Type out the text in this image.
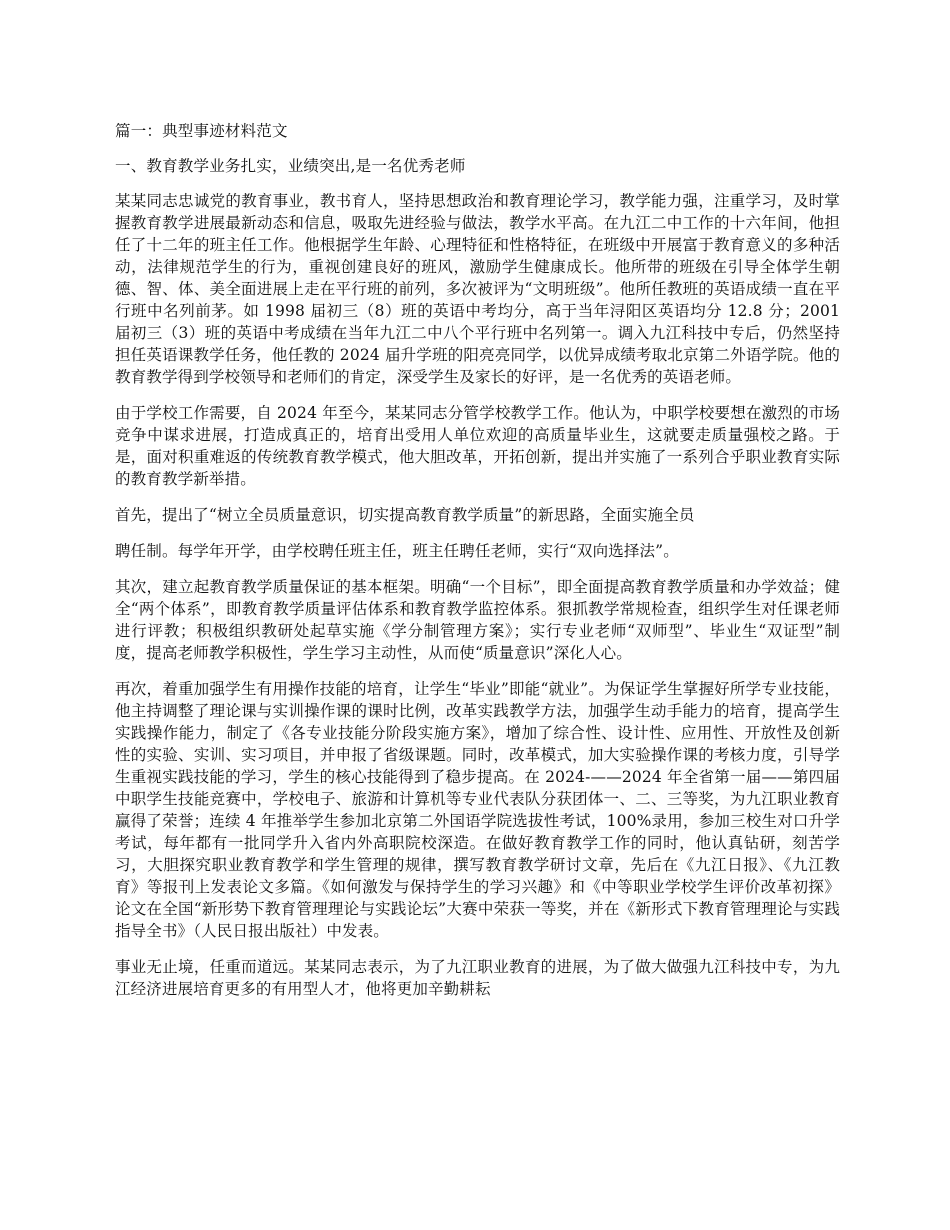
篇一：典型事迹材料范文

一、教育教学业务扎实，业绩突出,是一名优秀老师

某某同志忠诚党的教育事业，教书育人，坚持思想政治和教育理论学习，教学能力强，注重学习，及时掌握教育教学进展最新动态和信息，吸取先进经验与做法，教学水平高。在九江二中工作的十六年间，他担任了十二年的班主任工作。他根据学生年龄、心理特征和性格特征，在班级中开展富于教育意义的多种活动，法律规范学生的行为，重视创建良好的班风，激励学生健康成长。他所带的班级在引导全体学生朝德、智、体、美全面进展上走在平行班的前列，多次被评为“文明班级”。他所任教班的英语成绩一直在平行班中名列前茅。如 1998 届初三（8）班的英语中考均分，高于当年浔阳区英语均分 12.8 分；2001 届初三（3）班的英语中考成绩在当年九江二中八个平行班中名列第一。调入九江科技中专后，仍然坚持担任英语课教学任务，他任教的 2024 届升学班的阳亮亮同学，以优异成绩考取北京第二外语学院。他的教育教学得到学校领导和老师们的肯定，深受学生及家长的好评，是一名优秀的英语老师。

由于学校工作需要，自 2024 年至今，某某同志分管学校教学工作。他认为，中职学校要想在激烈的市场竞争中谋求进展，打造成真正的，培育出受用人单位欢迎的高质量毕业生，这就要走质量强校之路。于是，面对积重难返的传统教育教学模式，他大胆改革，开拓创新，提出并实施了一系列合乎职业教育实际的教育教学新举措。

首先，提出了“树立全员质量意识，切实提高教育教学质量”的新思路，全面实施全员

聘任制。每学年开学，由学校聘任班主任，班主任聘任老师，实行“双向选择法”。

其次，建立起教育教学质量保证的基本框架。明确“一个目标”，即全面提高教育教学质量和办学效益；健全“两个体系”，即教育教学质量评估体系和教育教学监控体系。狠抓教学常规检查，组织学生对任课老师进行评教；积极组织教研处起草实施《学分制管理方案》；实行专业老师“双师型”、毕业生“双证型”制度，提高老师教学积极性，学生学习主动性，从而使“质量意识”深化人心。

再次，着重加强学生有用操作技能的培育，让学生“毕业”即能“就业”。为保证学生掌握好所学专业技能，他主持调整了理论课与实训操作课的课时比例，改革实践教学方法，加强学生动手能力的培育，提高学生实践操作能力，制定了《各专业技能分阶段实施方案》，增加了综合性、设计性、应用性、开放性及创新性的实验、实训、实习项目，并申报了省级课题。同时，改革模式，加大实验操作课的考核力度，引导学生重视实践技能的学习，学生的核心技能得到了稳步提高。在 2024-——2024 年全省第一届——第四届中职学生技能竞赛中，学校电子、旅游和计算机等专业代表队分获团体一、二、三等奖，为九江职业教育赢得了荣誉；连续 4 年推举学生参加北京第二外国语学院选拔性考试，100%录用，参加三校生对口升学考试，每年都有一批同学升入省内外高职院校深造。在做好教育教学工作的同时，他认真钻研，刻苦学习，大胆探究职业教育教学和学生管理的规律，撰写教育教学研讨文章，先后在《九江日报》、《九江教育》等报刊上发表论文多篇。《如何激发与保持学生的学习兴趣》和《中等职业学校学生评价改革初探》论文在全国“新形势下教育管理理论与实践论坛”大赛中荣获一等奖，并在《新形式下教育管理理论与实践指导全书》（人民日报出版社）中发表。

事业无止境，任重而道远。某某同志表示，为了九江职业教育的进展，为了做大做强九江科技中专，为九江经济进展培育更多的有用型人才，他将更加辛勤耕耘
